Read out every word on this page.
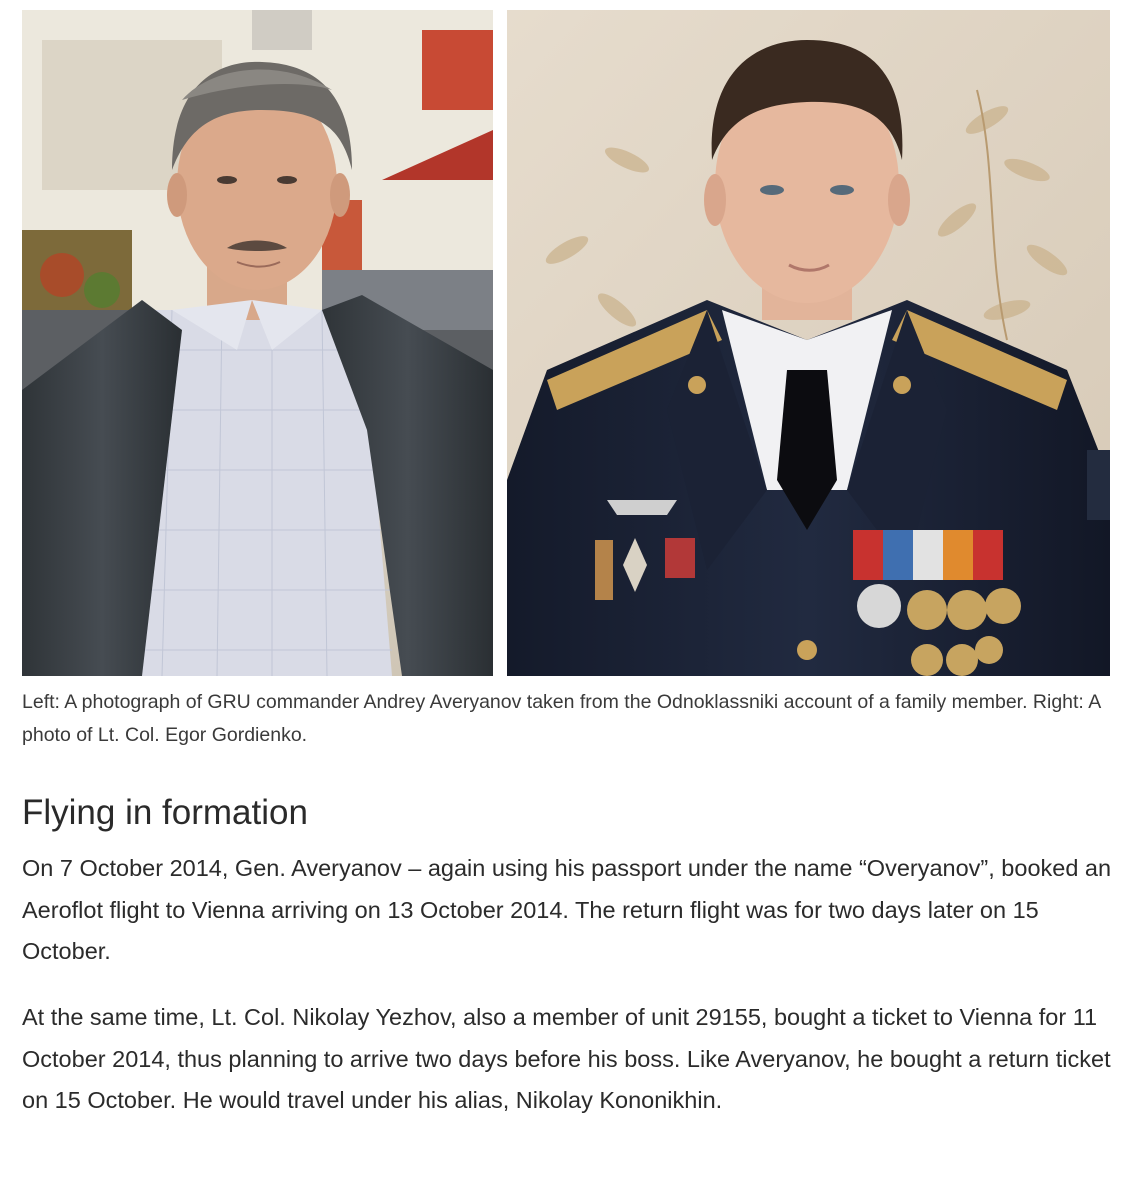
Left: A photograph of GRU commander Andrey Averyanov taken from the Odnoklassniki account of a family member. Right: A photo of Lt. Col. Egor Gordienko.

Flying in formation

On 7 October 2014, Gen. Averyanov – again using his passport under the name “Overyanov”, booked an Aeroflot flight to Vienna arriving on 13 October 2014. The return flight was for two days later on 15 October.

At the same time, Lt. Col. Nikolay Yezhov, also a member of unit 29155, bought a ticket to Vienna for 11 October 2014, thus planning to arrive two days before his boss. Like Averyanov, he bought a return ticket on 15 October. He would travel under his alias, Nikolay Kononikhin.
